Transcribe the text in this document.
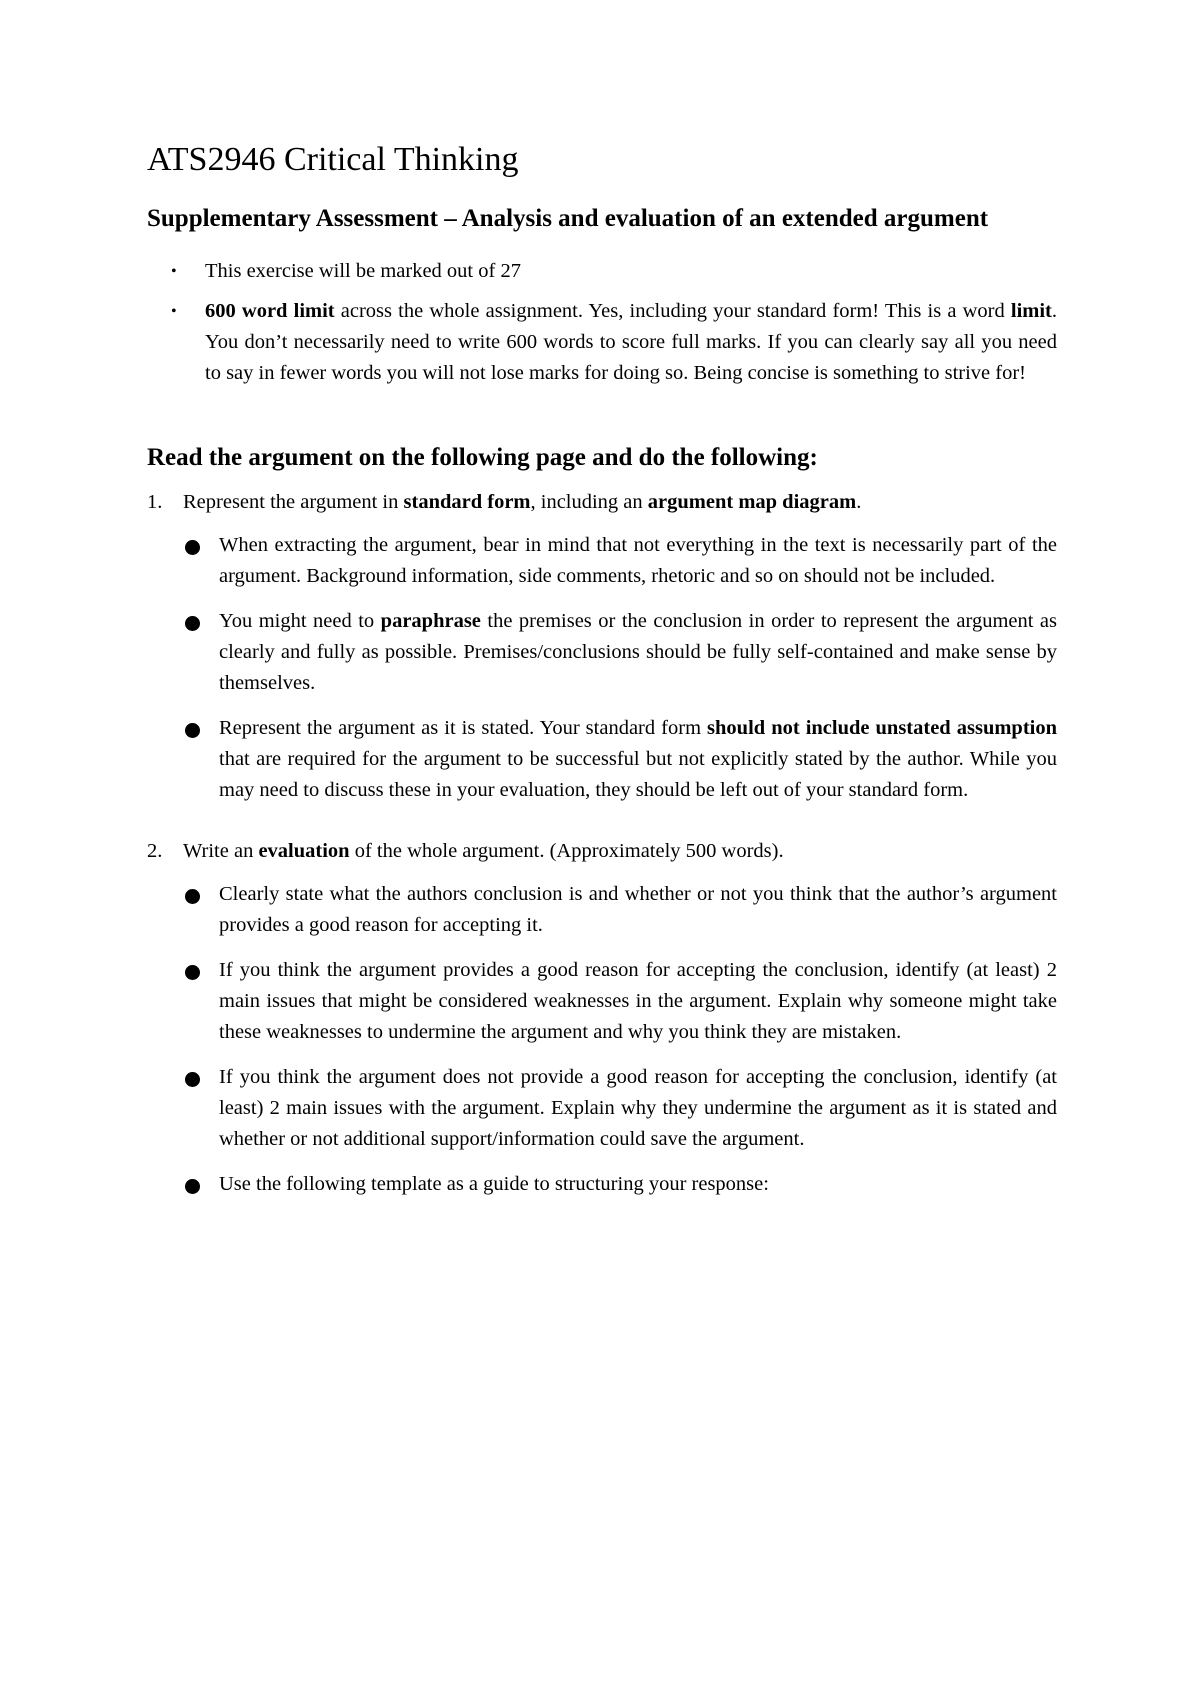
ATS2946 Critical Thinking
Supplementary Assessment – Analysis and evaluation of an extended argument
• This exercise will be marked out of 27
• 600 word limit across the whole assignment. Yes, including your standard form! This is a word limit. You don’t necessarily need to write 600 words to score full marks. If you can clearly say all you need to say in fewer words you will not lose marks for doing so. Being concise is something to strive for!
Read the argument on the following page and do the following:
1. Represent the argument in standard form, including an argument map diagram.
When extracting the argument, bear in mind that not everything in the text is necessarily part of the argument. Background information, side comments, rhetoric and so on should not be included.
You might need to paraphrase the premises or the conclusion in order to represent the argument as clearly and fully as possible. Premises/conclusions should be fully self-contained and make sense by themselves.
Represent the argument as it is stated. Your standard form should not include unstated assumption that are required for the argument to be successful but not explicitly stated by the author. While you may need to discuss these in your evaluation, they should be left out of your standard form.
2. Write an evaluation of the whole argument. (Approximately 500 words).
Clearly state what the authors conclusion is and whether or not you think that the author’s argument provides a good reason for accepting it.
If you think the argument provides a good reason for accepting the conclusion, identify (at least) 2 main issues that might be considered weaknesses in the argument. Explain why someone might take these weaknesses to undermine the argument and why you think they are mistaken.
If you think the argument does not provide a good reason for accepting the conclusion, identify (at least) 2 main issues with the argument. Explain why they undermine the argument as it is stated and whether or not additional support/information could save the argument.
Use the following template as a guide to structuring your response:
